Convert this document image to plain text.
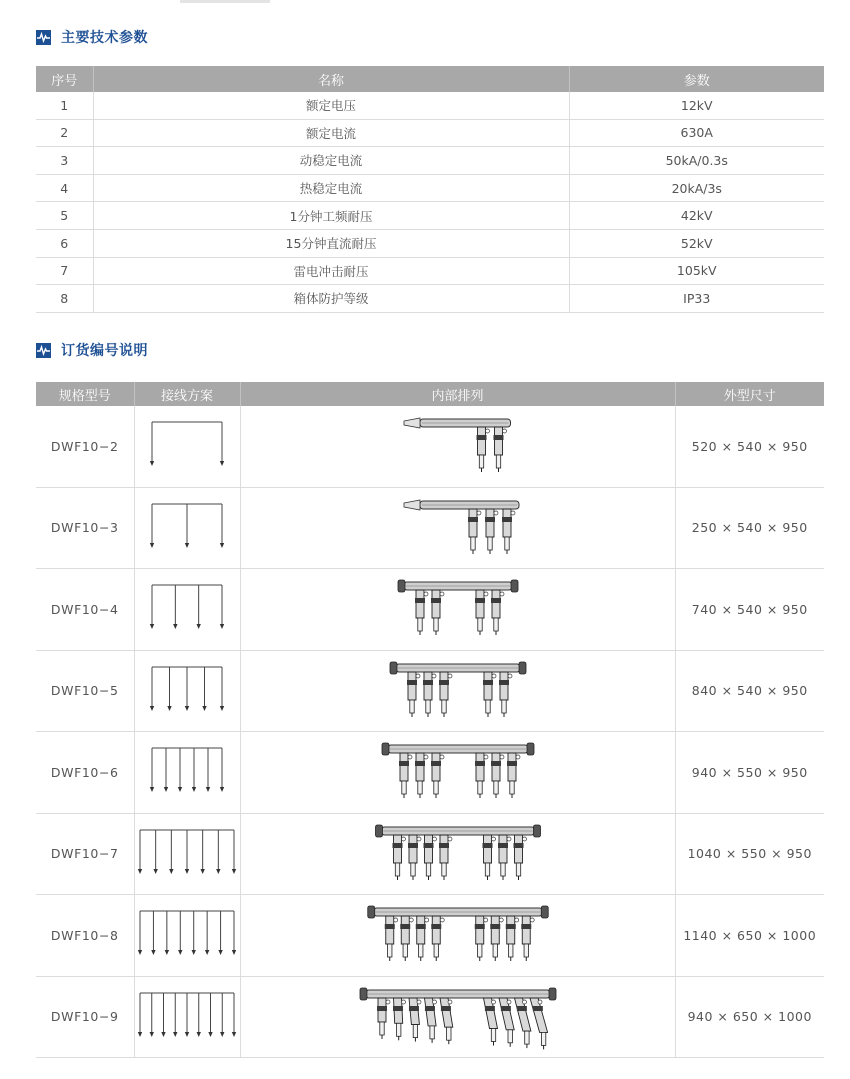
主要技术参数
序号	名称	参数
1	额定电压	12kV
2	额定电流	630A
3	动稳定电流	50kA/0.3s
4	热稳定电流	20kA/3s
5	1分钟工频耐压	42kV
6	15分钟直流耐压	52kV
7	雷电冲击耐压	105kV
8	箱体防护等级	IP33
订货编号说明
规格型号	接线方案	内部排列	外型尺寸
DWF10−2			520 × 540 × 950
DWF10−3			250 × 540 × 950
DWF10−4			740 × 540 × 950
DWF10−5			840 × 540 × 950
DWF10−6			940 × 550 × 950
DWF10−7			1040 × 550 × 950
DWF10−8			1140 × 650 × 1000
DWF10−9			940 × 650 × 1000
